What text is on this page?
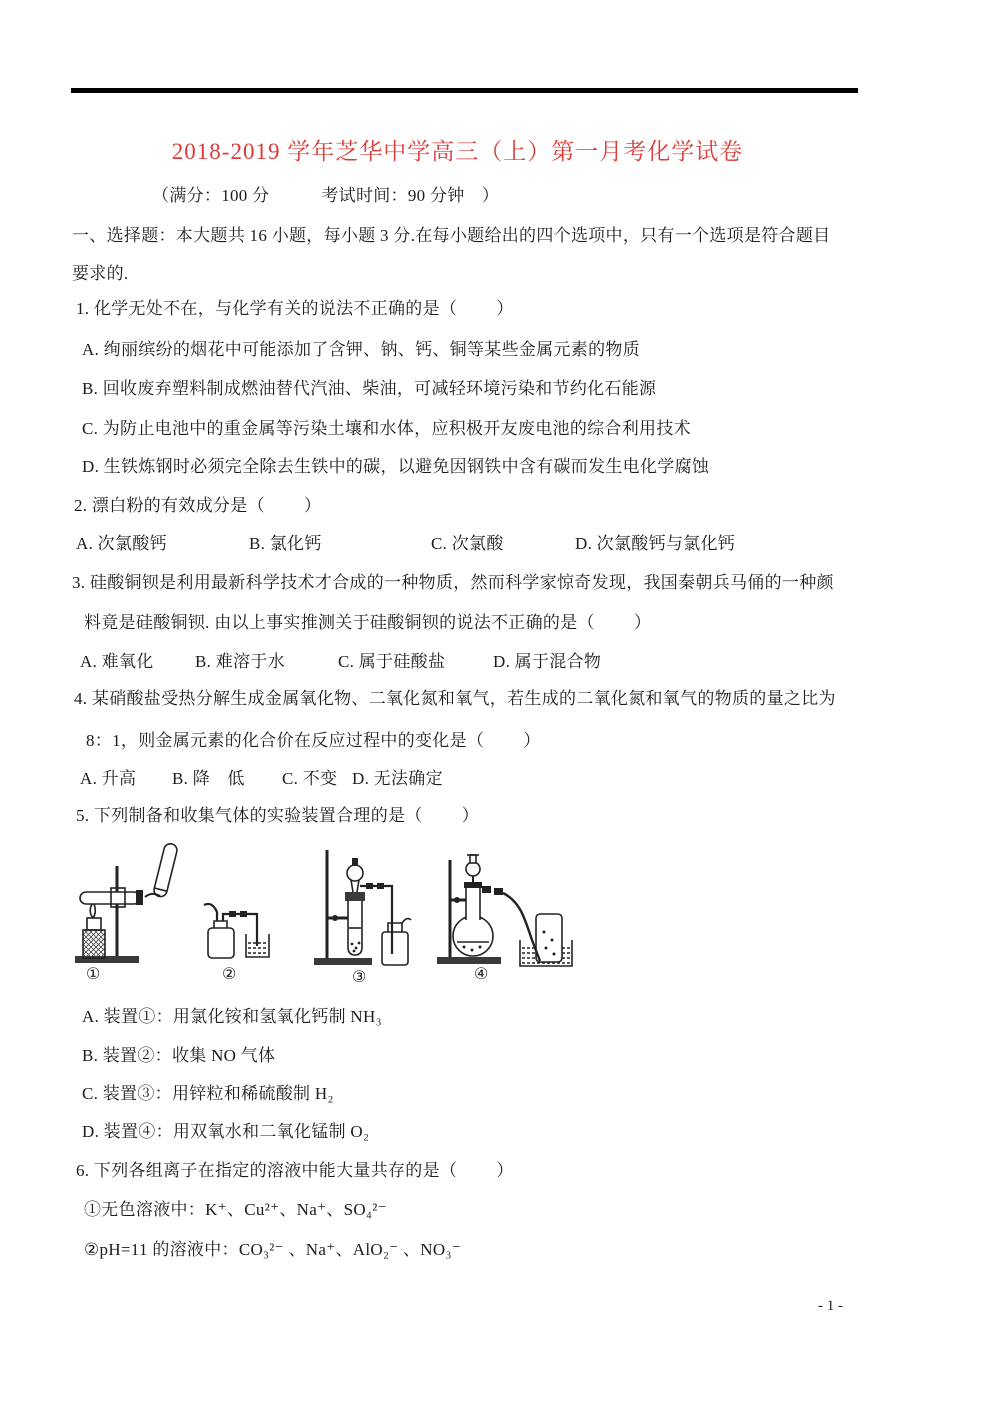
2018-2019 学年芝华中学高三（上）第一月考化学试卷
（满分：100 分　　　考试时间：90 分钟　）
一、选择题：本大题共 16 小题，每小题 3 分.在每小题给出的四个选项中，只有一个选项是符合题目
要求的.
1. 化学无处不在，与化学有关的说法不正确的是（　　 ）
A. 绚丽缤纷的烟花中可能添加了含钾、钠、钙、铜等某些金属元素的物质
B. 回收废弃塑料制成燃油替代汽油、柴油，可减轻环境污染和节约化石能源
C. 为防止电池中的重金属等污染土壤和水体，应积极开友废电池的综合利用技术
D. 生铁炼钢时必须完全除去生铁中的碳，以避免因钢铁中含有碳而发生电化学腐蚀
2. 漂白粉的有效成分是（　　 ）
A. 次氯酸钙	B. 氯化钙	C. 次氯酸	D. 次氯酸钙与氯化钙
3. 硅酸铜钡是利用最新科学技术才合成的一种物质，然而科学家惊奇发现，我国秦朝兵马俑的一种颜
料竟是硅酸铜钡. 由以上事实推测关于硅酸铜钡的说法不正确的是（　　 ）
A. 难氧化 B. 难溶于水	C. 属于硅酸盐	D. 属于混合物
4. 某硝酸盐受热分解生成金属氧化物、二氧化氮和氧气，若生成的二氧化氮和氧气的物质的量之比为
8：1，则金属元素的化合价在反应过程中的变化是（　　 ）
A. 升高 B. 降　低 C. 不变 D. 无法确定
5. 下列制备和收集气体的实验装置合理的是（　　 ）
①	②	③	④
A. 装置①：用氯化铵和氢氧化钙制 NH₃
B. 装置②：收集 NO 气体
C. 装置③：用锌粒和稀硫酸制 H₂
D. 装置④：用双氧水和二氧化锰制 O₂
6. 下列各组离子在指定的溶液中能大量共存的是（　　 ）
①无色溶液中：K⁺、Cu²⁺、Na⁺、SO₄²⁻
②pH=11 的溶液中：CO₃²⁻ 、Na⁺、AlO₂⁻ 、NO₃⁻
- 1 -
